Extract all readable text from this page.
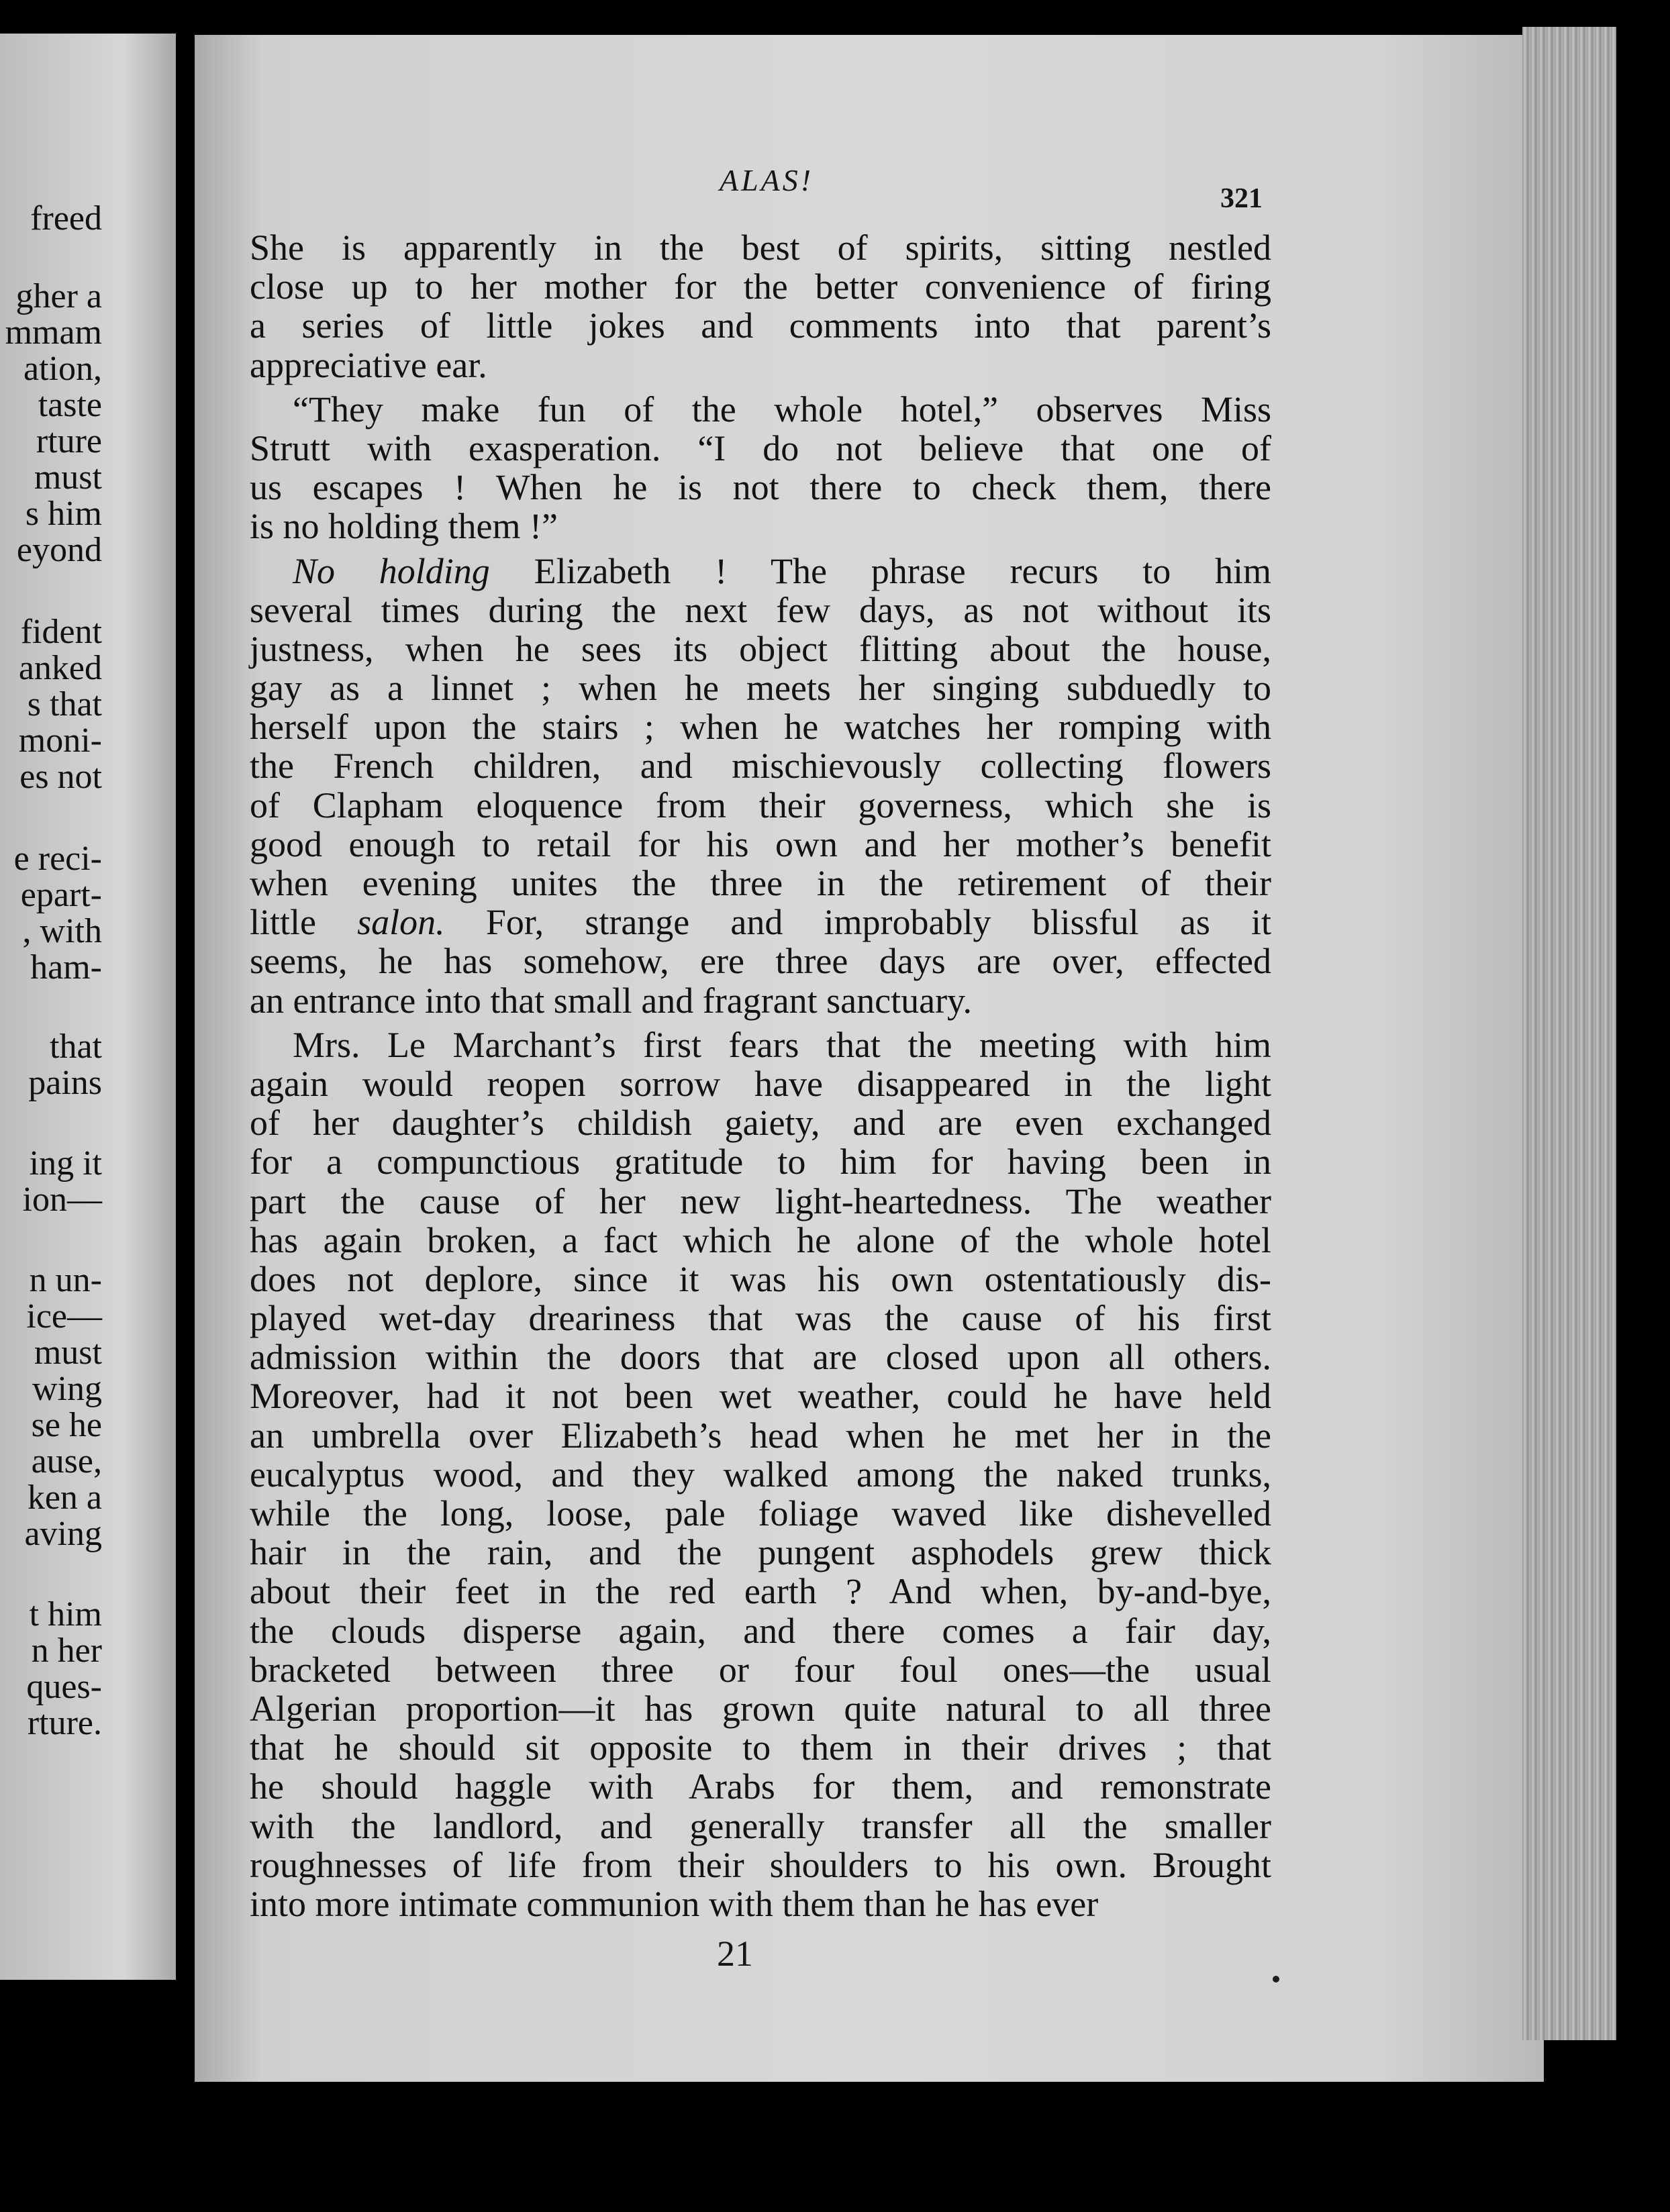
freed
gher a
mmam
ation,
taste
rture
must
s him
eyond
fident
anked
s that
moni-
es not
e reci-
epart-
, with
ham-
that
pains
ing it
ion—
n un-
ice—
must
wing
se he
ause,
ken a
aving
t him
n her
ques-
rture.
ALAS!
321
She is apparently in the best of spirits, sitting nestled
close up to her mother for the better convenience of firing
a series of little jokes and comments into that parent’s
appreciative ear.
“They make fun of the whole hotel,” observes Miss
Strutt with exasperation. “I do not believe that one of
us escapes ! When he is not there to check them, there
is no holding them !”
No holding Elizabeth ! The phrase recurs to him
several times during the next few days, as not without its
justness, when he sees its object flitting about the house,
gay as a linnet ; when he meets her singing subduedly to
herself upon the stairs ; when he watches her romping with
the French children, and mischievously collecting flowers
of Clapham eloquence from their governess, which she is
good enough to retail for his own and her mother’s benefit
when evening unites the three in the retirement of their
little salon. For, strange and improbably blissful as it
seems, he has somehow, ere three days are over, effected
an entrance into that small and fragrant sanctuary.
Mrs. Le Marchant’s first fears that the meeting with him
again would reopen sorrow have disappeared in the light
of her daughter’s childish gaiety, and are even exchanged
for a compunctious gratitude to him for having been in
part the cause of her new light-heartedness. The weather
has again broken, a fact which he alone of the whole hotel
does not deplore, since it was his own ostentatiously dis-
played wet-day dreariness that was the cause of his first
admission within the doors that are closed upon all others.
Moreover, had it not been wet weather, could he have held
an umbrella over Elizabeth’s head when he met her in the
eucalyptus wood, and they walked among the naked trunks,
while the long, loose, pale foliage waved like dishevelled
hair in the rain, and the pungent asphodels grew thick
about their feet in the red earth ? And when, by-and-bye,
the clouds disperse again, and there comes a fair day,
bracketed between three or four foul ones—the usual
Algerian proportion—it has grown quite natural to all three
that he should sit opposite to them in their drives ; that
he should haggle with Arabs for them, and remonstrate
with the landlord, and generally transfer all the smaller
roughnesses of life from their shoulders to his own. Brought
into more intimate communion with them than he has ever
21
